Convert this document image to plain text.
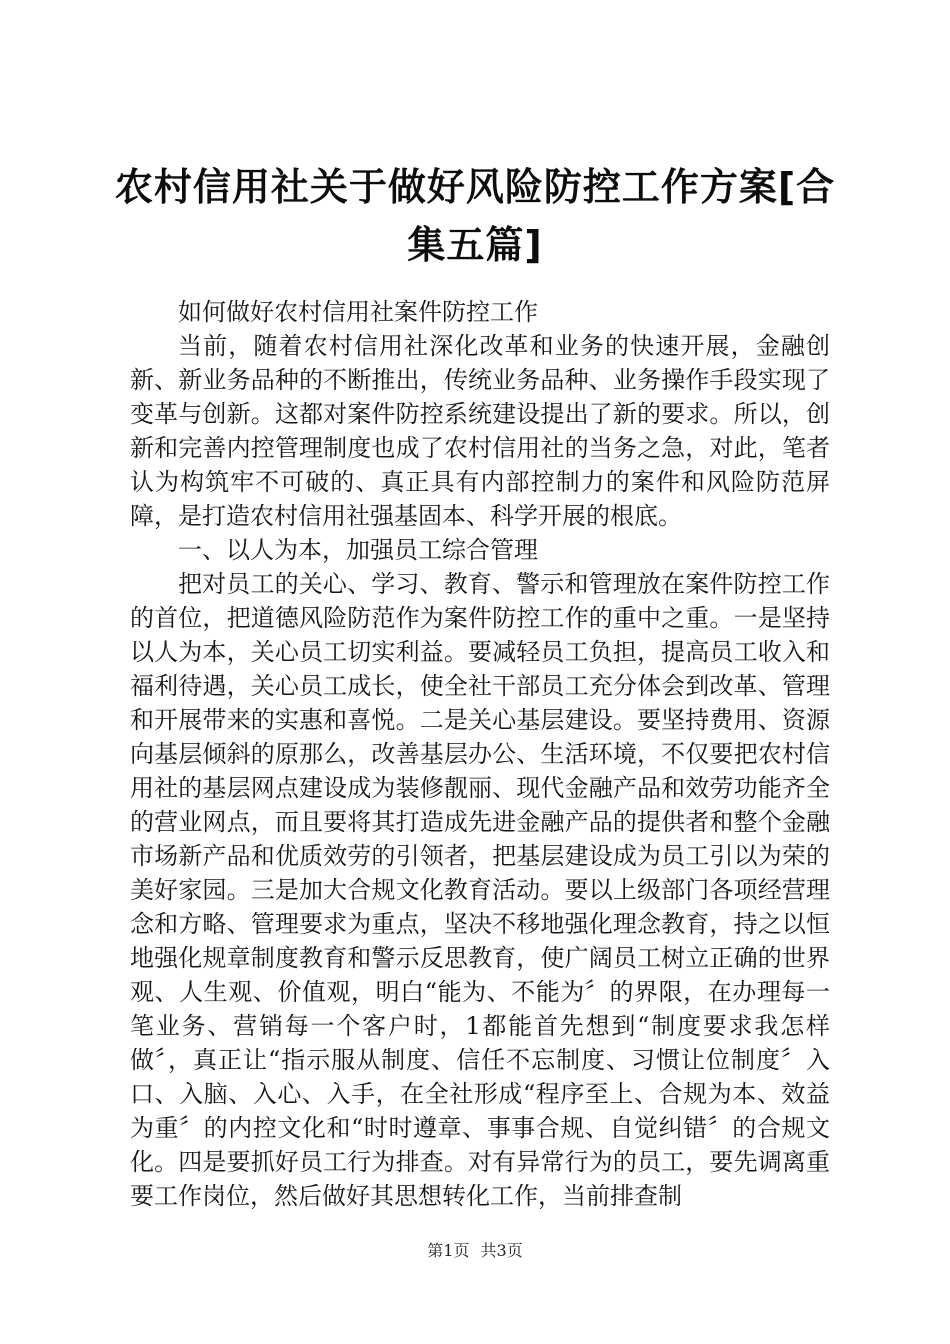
农村信用社关于做好风险防控工作方案[合集五篇]

如何做好农村信用社案件防控工作

当前，随着农村信用社深化改革和业务的快速开展，金融创新、新业务品种的不断推出，传统业务品种、业务操作手段实现了变革与创新。这都对案件防控系统建设提出了新的要求。所以，创新和完善内控管理制度也成了农村信用社的当务之急，对此，笔者认为构筑牢不可破的、真正具有内部控制力的案件和风险防范屏障，是打造农村信用社强基固本、科学开展的根底。

一、以人为本，加强员工综合管理

把对员工的关心、学习、教育、警示和管理放在案件防控工作的首位，把道德风险防范作为案件防控工作的重中之重。一是坚持以人为本，关心员工切实利益。要减轻员工负担，提高员工收入和福利待遇，关心员工成长，使全社干部员工充分体会到改革、管理和开展带来的实惠和喜悦。二是关心基层建设。要坚持费用、资源向基层倾斜的原那么，改善基层办公、生活环境，不仅要把农村信用社的基层网点建设成为装修靓丽、现代金融产品和效劳功能齐全的营业网点，而且要将其打造成先进金融产品的提供者和整个金融市场新产品和优质效劳的引领者，把基层建设成为员工引以为荣的美好家园。三是加大合规文化教育活动。要以上级部门各项经营理念和方略、管理要求为重点，坚决不移地强化理念教育，持之以恒地强化规章制度教育和警示反思教育，使广阔员工树立正确的世界观、人生观、价值观，明白“能为、不能为〞的界限，在办理每一笔业务、营销每一个客户时，1都能首先想到“制度要求我怎样做〞，真正让“指示服从制度、信任不忘制度、习惯让位制度〞入口、入脑、入心、入手，在全社形成“程序至上、合规为本、效益为重〞的内控文化和“时时遵章、事事合规、自觉纠错〞的合规文化。四是要抓好员工行为排查。对有异常行为的员工，要先调离重要工作岗位，然后做好其思想转化工作，当前排查制

第1页 共3页
